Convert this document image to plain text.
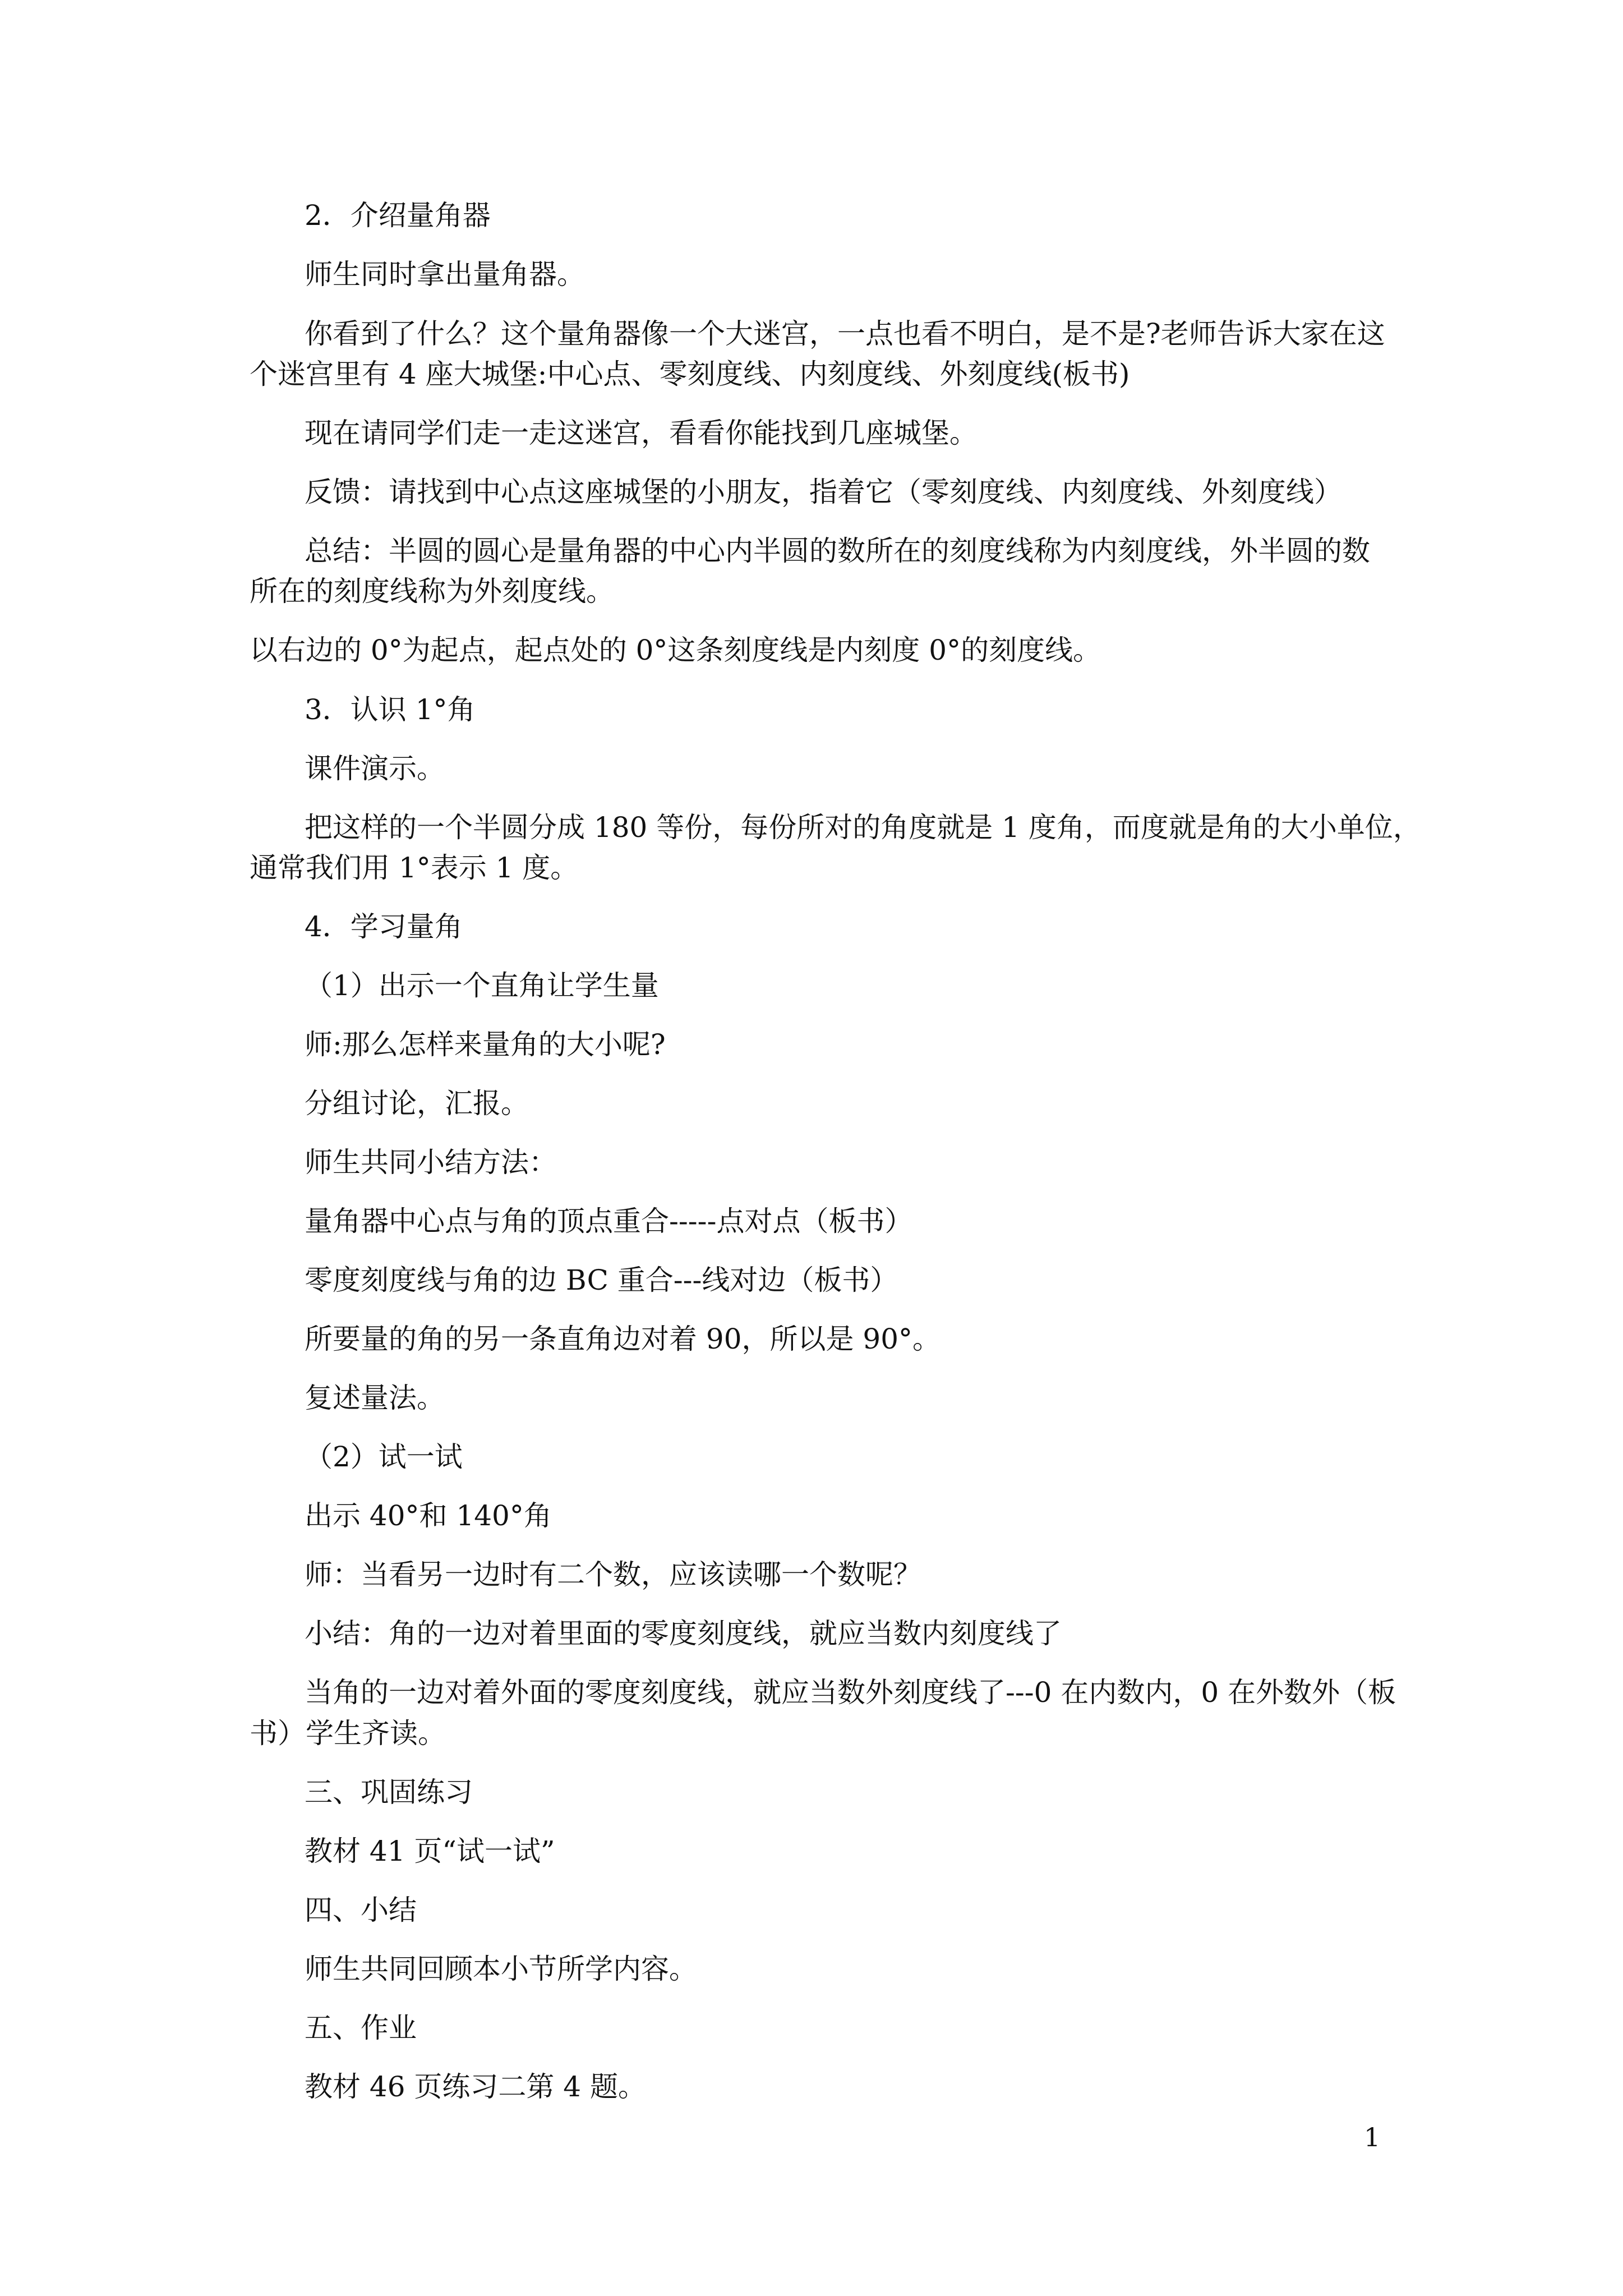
2．介绍量角器

师生同时拿出量角器。

你看到了什么？这个量角器像一个大迷宫，一点也看不明白，是不是?老师告诉大家在这

个迷宫里有 4 座大城堡:中心点、零刻度线、内刻度线、外刻度线(板书)

现在请同学们走一走这迷宫，看看你能找到几座城堡。

反馈：请找到中心点这座城堡的小朋友，指着它（零刻度线、内刻度线、外刻度线）

总结：半圆的圆心是量角器的中心内半圆的数所在的刻度线称为内刻度线，外半圆的数

所在的刻度线称为外刻度线。

以右边的 0°为起点，起点处的 0°这条刻度线是内刻度 0°的刻度线。

3．认识 1°角

课件演示。

把这样的一个半圆分成 180 等份，每份所对的角度就是 1 度角，而度就是角的大小单位，

通常我们用 1°表示 1 度。

4．学习量角

（1）出示一个直角让学生量

师:那么怎样来量角的大小呢?

分组讨论，汇报。

师生共同小结方法：

量角器中心点与角的顶点重合-----点对点（板书）

零度刻度线与角的边 BC 重合---线对边（板书）

所要量的角的另一条直角边对着 90，所以是 90°。

复述量法。

（2）试一试

出示 40°和 140°角

师：当看另一边时有二个数，应该读哪一个数呢？

小结：角的一边对着里面的零度刻度线，就应当数内刻度线了

当角的一边对着外面的零度刻度线，就应当数外刻度线了---0 在内数内，0 在外数外（板

书）学生齐读。

三、巩固练习

教材 41 页“试一试”

四、小结

师生共同回顾本小节所学内容。

五、作业

教材 46 页练习二第 4 题。

1
